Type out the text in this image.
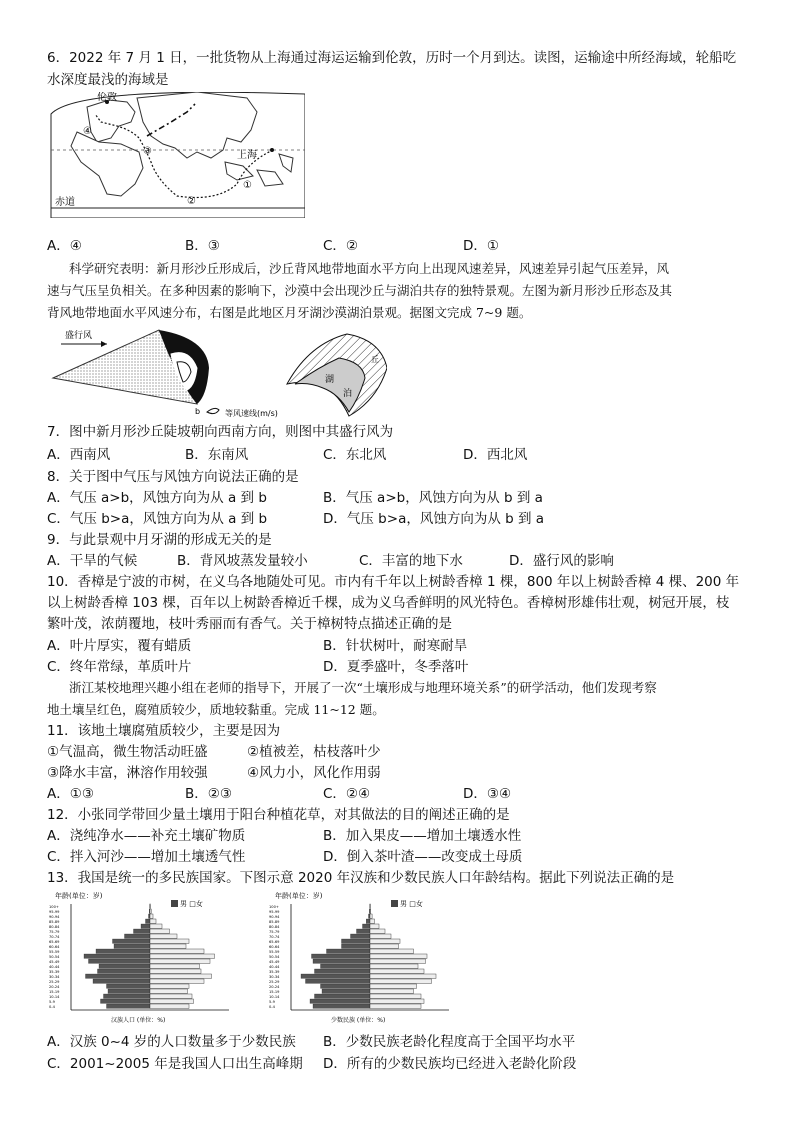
6．2022 年 7 月 1 日，一批货物从上海通过海运运输到伦敦，历时一个月到达。读图，运输途中所经海域，轮船吃
水深度最浅的海域是
伦敦
上海
赤道
④
③
②
①
A．④	B．③	C．②	D．①
科学研究表明：新月形沙丘形成后，沙丘背风地带地面水平方向上出现风速差异，风速差异引起气压差异，风
速与气压呈负相关。在多种因素的影响下，沙漠中会出现沙丘与湖泊共存的独特景观。左图为新月形沙丘形态及其
背风地带地面水平风速分布，右图是此地区月牙湖沙漠湖泊景观。据图文完成 7~9 题。
盛行风
a
b	等风速线(m/s)
丘
湖
泊
7．图中新月形沙丘陡坡朝向西南方向，则图中其盛行风为
A．西南风	B．东南风	C．东北风	D．西北风
8．关于图中气压与风蚀方向说法正确的是
A．气压 a>b，风蚀方向为从 a 到 b	B．气压 a>b，风蚀方向为从 b 到 a
C．气压 b>a，风蚀方向为从 a 到 b	D．气压 b>a，风蚀方向为从 b 到 a
9．与此景观中月牙湖的形成无关的是
A．干旱的气候	B．背风坡蒸发量较小	C．丰富的地下水	D．盛行风的影响
10．香樟是宁波的市树，在义乌各地随处可见。市内有千年以上树龄香樟 1 棵，800 年以上树龄香樟 4 棵、200 年
以上树龄香樟 103 棵，百年以上树龄香樟近千棵，成为义乌香鲜明的风光特色。香樟树形雄伟壮观，树冠开展，枝
繁叶茂，浓荫覆地，枝叶秀丽而有香气。关于樟树特点描述正确的是
A．叶片厚实，覆有蜡质	B．针状树叶，耐寒耐旱
C．终年常绿，革质叶片	D．夏季盛叶，冬季落叶
浙江某校地理兴趣小组在老师的指导下，开展了一次“土壤形成与地理环境关系”的研学活动，他们发现考察
地土壤呈红色，腐殖质较少，质地较黏重。完成 11~12 题。
11．该地土壤腐殖质较少，主要是因为
①气温高，微生物活动旺盛	②植被差，枯枝落叶少
③降水丰富，淋溶作用较强	④风力小，风化作用弱
A．①③	B．②③	C．②④	D．③④
12．小张同学带回少量土壤用于阳台种植花草，对其做法的目的阐述正确的是
A．浇纯净水——补充土壤矿物质	B．加入果皮——增加土壤透水性
C．拌入河沙——增加土壤透气性	D．倒入茶叶渣——改变成土母质
13．我国是统一的多民族国家。下图示意 2020 年汉族和少数民族人口年龄结构。据此下列说法正确的是
年龄(单位：岁)
男 □女
0-4
5-9
10-14
15-19
20-24
25-29
30-34
35-39
40-44
45-49
50-54
55-59
60-64
65-69
70-74
75-79
80-84
85-89
90-94
95-99
100+
汉族人口 (单位：%)
年龄(单位：岁)
男 □女
0-4
5-9
10-14
15-19
20-24
25-29
30-34
35-39
40-44
45-49
50-54
55-59
60-64
65-69
70-74
75-79
80-84
85-89
90-94
95-99
100+
少数民族 (单位：%)
A．汉族 0~4 岁的人口数量多于少数民族 B．少数民族老龄化程度高于全国平均水平
C．2001~2005 年是我国人口出生高峰期 D．所有的少数民族均已经进入老龄化阶段
